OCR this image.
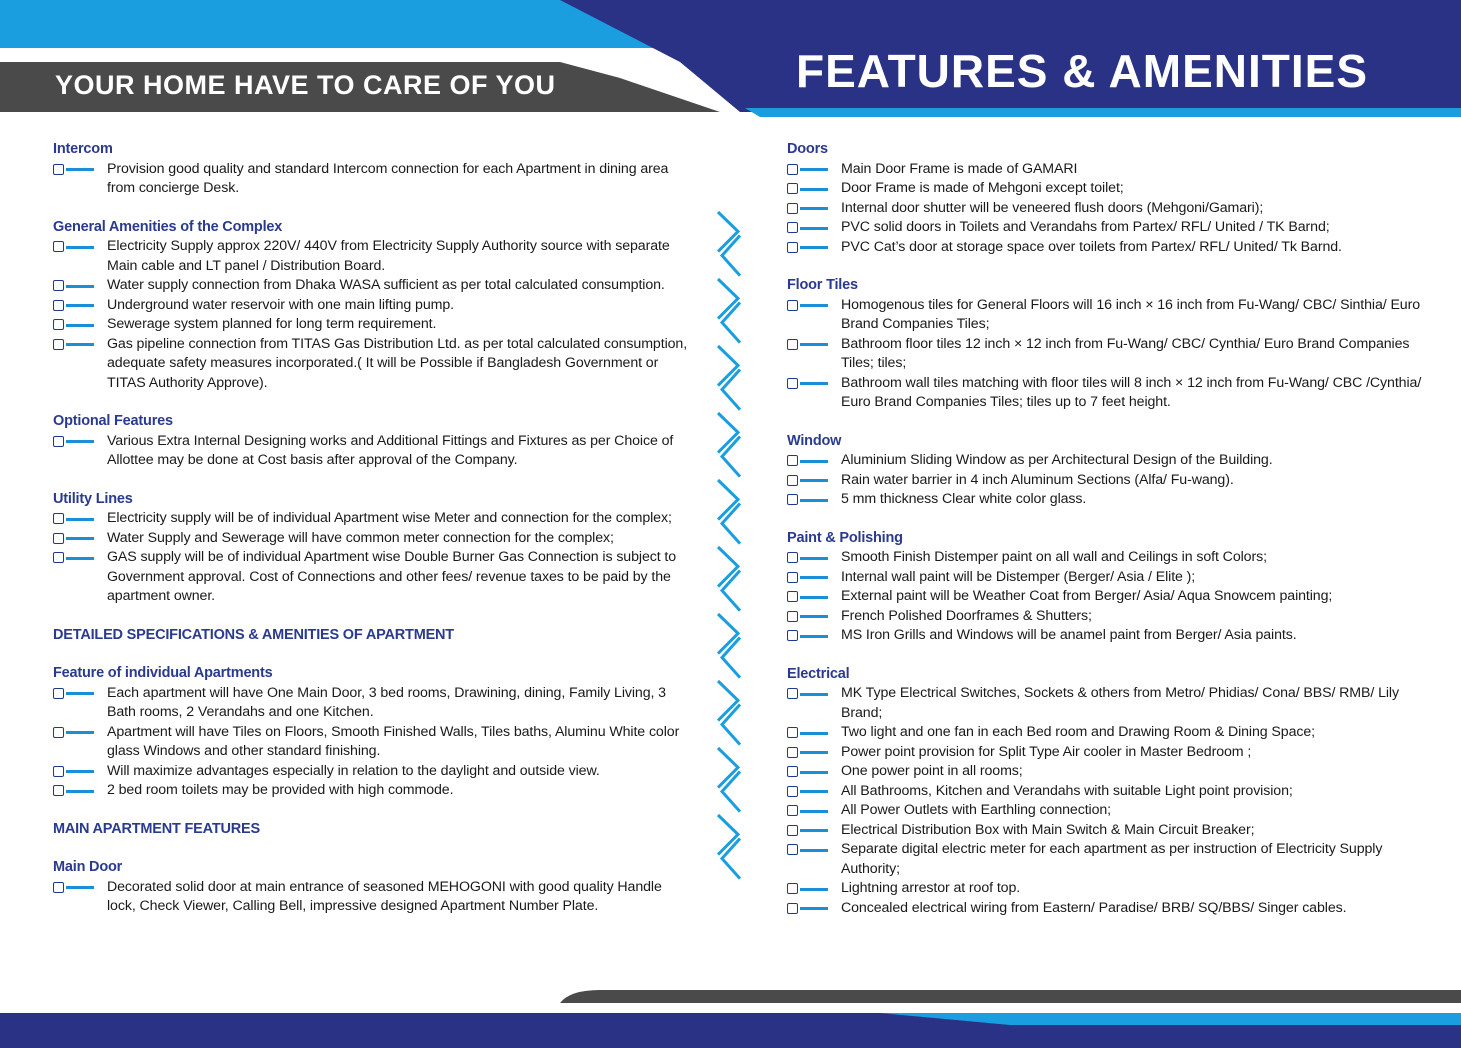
YOUR HOME HAVE TO CARE OF YOU	FEATURES & AMENITIES
Intercom
Provision good quality and standard Intercom connection for each Apartment in dining area from concierge Desk.
General Amenities of the Complex
Electricity Supply approx 220V/ 440V from Electricity Supply Authority source with separate Main cable and LT panel / Distribution Board.
Water supply connection from Dhaka WASA sufficient as per total calculated consumption.
Underground water reservoir with one main lifting pump.
Sewerage system planned for long term requirement.
Gas pipeline connection from TITAS Gas Distribution Ltd. as per total calculated consumption, adequate safety measures incorporated.( It will be Possible if Bangladesh Government or TITAS Authority Approve).
Optional Features
Various Extra Internal Designing works and Additional Fittings and Fixtures as per Choice of Allottee may be done at Cost basis after approval of the Company.
Utility Lines
Electricity supply will be of individual Apartment wise Meter and connection for the complex;
Water Supply and Sewerage will have common meter connection for the complex;
GAS supply will be of individual Apartment wise Double Burner Gas Connection is subject to Government approval. Cost of Connections and other fees/ revenue taxes to be paid by the apartment owner.
DETAILED SPECIFICATIONS & AMENITIES OF APARTMENT
Feature of individual Apartments
Each apartment will have One Main Door, 3 bed rooms, Drawining, dining, Family Living, 3 Bath rooms, 2 Verandahs and one Kitchen.
Apartment will have Tiles on Floors, Smooth Finished Walls, Tiles baths, Aluminu White color glass Windows and other standard finishing.
Will maximize advantages especially in relation to the daylight and outside view.
2 bed room toilets may be provided with high commode.
MAIN APARTMENT FEATURES
Main Door
Decorated solid door at main entrance of seasoned MEHOGONI with good quality Handle lock, Check Viewer, Calling Bell, impressive designed Apartment Number Plate.
Doors
Main Door Frame is made of GAMARI
Door Frame is made of Mehgoni except toilet;
Internal door shutter will be veneered flush doors (Mehgoni/Gamari);
PVC solid doors in Toilets and Verandahs from Partex/ RFL/ United / TK Barnd;
PVC Cat’s door at storage space over toilets from Partex/ RFL/ United/ Tk Barnd.
Floor Tiles
Homogenous tiles for General Floors will 16 inch × 16 inch from Fu-Wang/ CBC/ Sinthia/ Euro Brand Companies Tiles;
Bathroom floor tiles 12 inch × 12 inch from Fu-Wang/ CBC/ Cynthia/ Euro Brand Companies Tiles; tiles;
Bathroom wall tiles matching with floor tiles will 8 inch × 12 inch from Fu-Wang/ CBC /Cynthia/ Euro Brand Companies Tiles; tiles up to 7 feet height.
Window
Aluminium Sliding Window as per Architectural Design of the Building.
Rain water barrier in 4 inch Aluminum Sections (Alfa/ Fu-wang).
5 mm thickness Clear white color glass.
Paint & Polishing
Smooth Finish Distemper paint on all wall and Ceilings in soft Colors;
Internal wall paint will be Distemper (Berger/ Asia / Elite );
External paint will be Weather Coat from Berger/ Asia/ Aqua Snowcem painting;
French Polished Doorframes & Shutters;
MS Iron Grills and Windows will be anamel paint from Berger/ Asia paints.
Electrical
MK Type Electrical Switches, Sockets & others from Metro/ Phidias/ Cona/ BBS/ RMB/ Lily Brand;
Two light and one fan in each Bed room and Drawing Room & Dining Space;
Power point provision for Split Type Air cooler in Master Bedroom ;
One power point in all rooms;
All Bathrooms, Kitchen and Verandahs with suitable Light point provision;
All Power Outlets with Earthling connection;
Electrical Distribution Box with Main Switch & Main Circuit Breaker;
Separate digital electric meter for each apartment as per instruction of Electricity Supply Authority;
Lightning arrestor at roof top.
Concealed electrical wiring from Eastern/ Paradise/ BRB/ SQ/BBS/ Singer cables.
